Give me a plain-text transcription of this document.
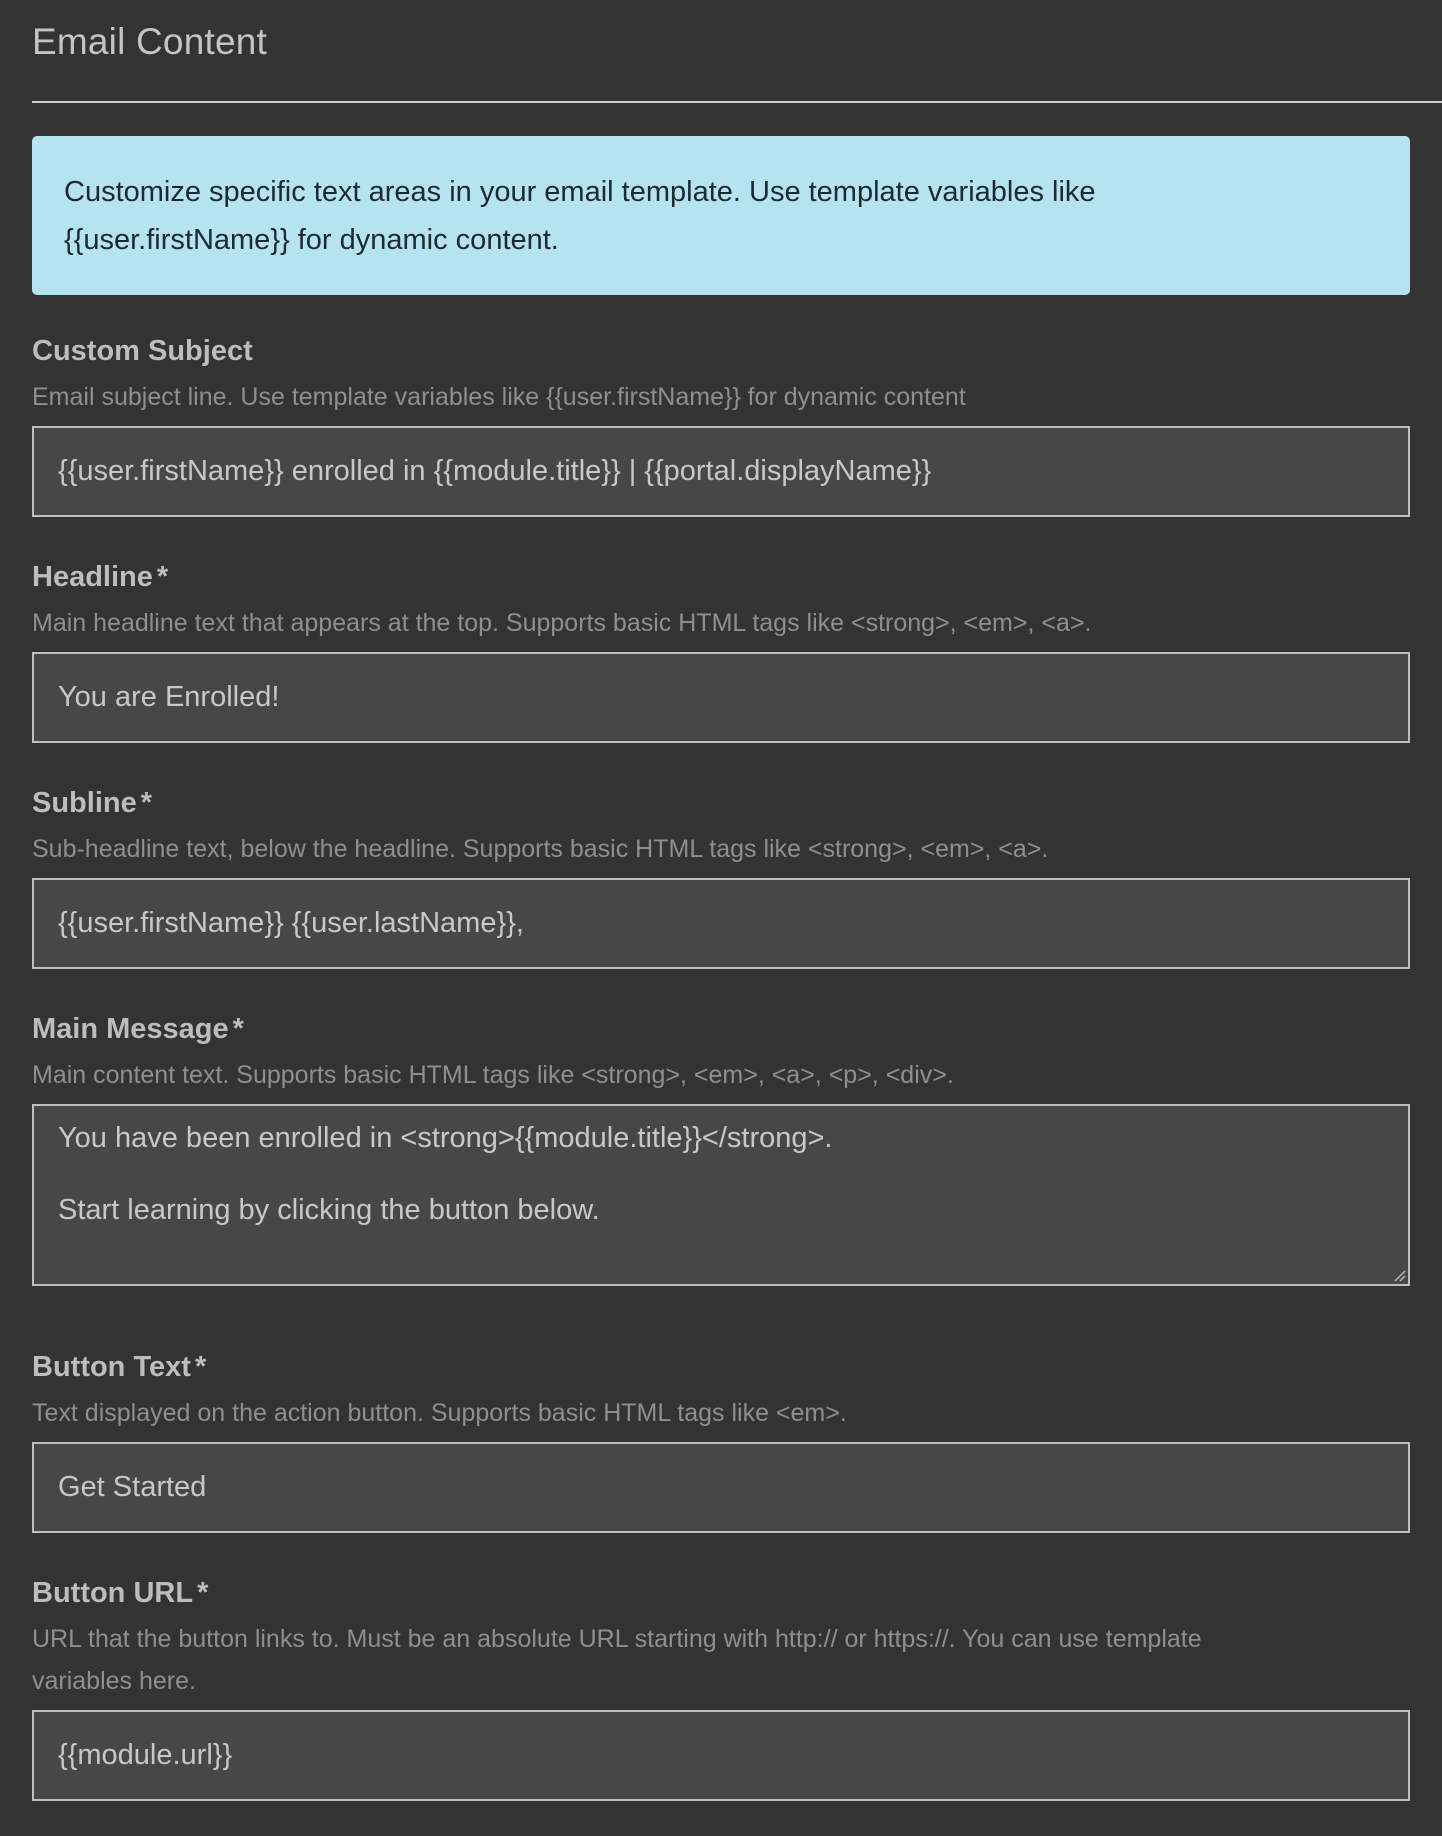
Email Content
Customize specific text areas in your email template. Use template variables like
{{user.firstName}} for dynamic content.
Custom Subject
Email subject line. Use template variables like {{user.firstName}} for dynamic content
{{user.firstName}} enrolled in {{module.title}} | {{portal.displayName}}
Headline *
Main headline text that appears at the top. Supports basic HTML tags like <strong>, <em>, <a>.
You are Enrolled!
Subline *
Sub-headline text, below the headline. Supports basic HTML tags like <strong>, <em>, <a>.
{{user.firstName}} {{user.lastName}},
Main Message *
Main content text. Supports basic HTML tags like <strong>, <em>, <a>, <p>, <div>.

You have been enrolled in <strong>{{module.title}}</strong>.

Start learning by clicking the button below.

Button Text *
Text displayed on the action button. Supports basic HTML tags like <em>.
Get Started
Button URL *
URL that the button links to. Must be an absolute URL starting with http:// or https://. You can use template
variables here.
{{module.url}}
